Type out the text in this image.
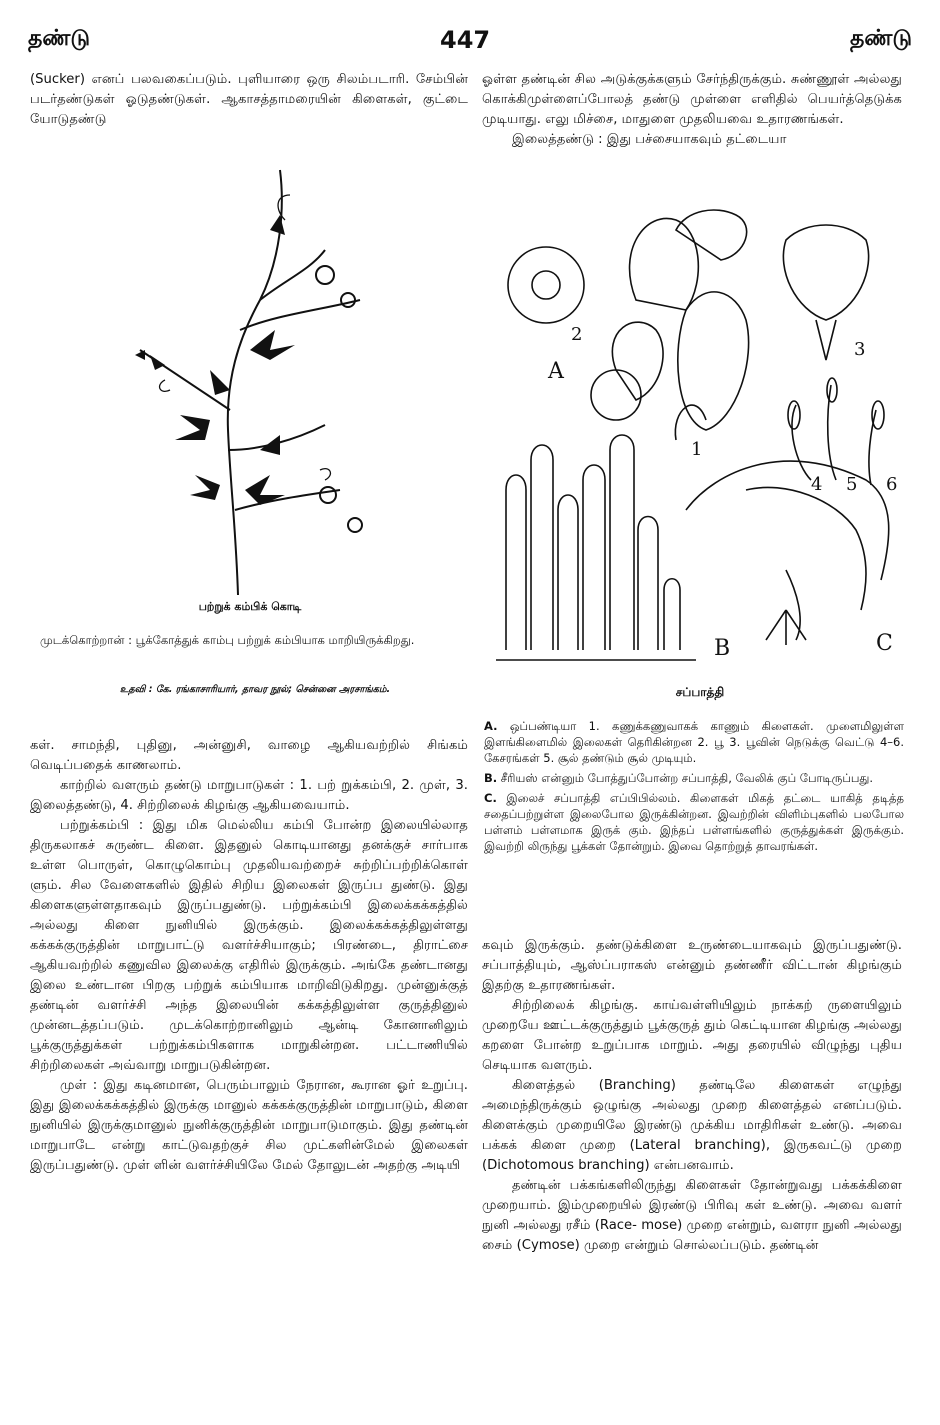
தண்டு	447	தண்டு

(Sucker) எனப் பலவகைப்படும். புளியாரை ஒரு சிலம்படாரி. சேம்பின் படர்தண்டுகள் ஓடுதண்டுகள். ஆகாசத்தாமரையின் கிளைகள், குட்டை யோடுதண்டு

பற்றுக் கம்பிக் கொடி
முடக்கொற்றான் : பூக்கோத்துக் காம்பு பற்றுக் கம்பியாக மாறியிருக்கிறது.
உதவி : கே. ரங்காசாரியார், தாவர நூல்; சென்னை அரசாங்கம்.

ஓள்ள தண்டின் சில அடுக்குக்களும் சேர்ந்திருக்கும். சுண்ணூள் அல்லது கொக்கிமுள்ளைப்போலத் தண்டு முள்ளை எளிதில் பெயர்த்தெடுக்க முடியாது. எலு மிச்சை, மாதுளை முதலியவை உதாரணங்கள்.

இலைத்தண்டு : இது பச்சையாகவும் தட்டையா

A
B	C
1
2
3
4 5 6
சப்பாத்தி

A. ஒப்பண்டியா 1. கணுக்கணுவாகக் காணும் கிளைகள். முளைமிலுள்ள இளங்கிளைமில் இலைகள் தெரிகின்றன 2. பூ 3. பூவின் நெடுக்கு வெட்டு 4–6. கேசரங்கள் 5. சூல் தண்டும் சூல் முடியும்.

B. சீரியஸ் என்னும் போத்துப்போன்ற சப்பாத்தி, வேலிக் குப் போடிருப்பது.

C. இலைச் சப்பாத்தி எப்பிபில்லம். கிளைகள் மிகத் தட்டை யாகித் தடித்த சதைப்பற்றுள்ள இலைபோல இருக்கின்றன. இவற்றின் விளிம்புகளில் பலபோல பள்ளம் பள்ளமாக இருக் கும். இந்தப் பள்ளங்களில் குருத்துக்கள் இருக்கும். இவற்றி லிருந்து பூக்கள் தோன்றும். இவை தொற்றுத் தாவரங்கள்.

கள். சாமந்தி, புதினு, அன்னுசி, வாழை ஆகியவற்றில் சிங்கம் வெடிப்பதைக் காணலாம்.

காற்றில் வளரும் தண்டு மாறுபாடுகள் : 1. பற் றுக்கம்பி, 2. முள், 3. இலைத்தண்டு, 4. சிற்றிலைக் கிழங்கு ஆகியவையாம்.

பற்றுக்கம்பி : இது மிக மெல்லிய கம்பி போன்ற இலையில்லாத திருகலாகச் சுருண்ட கிளை. இதனுல் கொடியானது தனக்குச் சார்பாக உள்ள பொருள், கொழுகொம்பு முதலியவற்றைச் சுற்றிப்பற்றிக்கொள் ளும். சில வேளைகளில் இதில் சிறிய இலைகள் இருப்ப துண்டு. இது கிளைகளுள்ளதாகவும் இருப்பதுண்டு. பற்றுக்கம்பி இலைக்கக்கத்தில் அல்லது கிளை நுனியில் இருக்கும். இலைக்கக்கத்திலுள்ளது கக்கக்குருத்தின் மாறுபாட்டு வளர்ச்சியாகும்; பிரண்டை, திராட்சை ஆகியவற்றில் கணுவில இலைக்கு எதிரில் இருக்கும். அங்கே தண்டானது இலை உண்டான பிறகு பற்றுக் கம்பியாக மாறிவிடுகிறது. முன்னுக்குத் தண்டின் வளர்ச்சி அந்த இலையின் கக்கத்திலுள்ள குருத்தினுல் முன்னடத்தப்படும். முடக்கொற்றானிலும் ஆன்டி கோனானிலும் பூக்குருத்துக்கள் பற்றுக்கம்பிகளாக மாறுகின்றன. பட்டாணியில் சிற்றிலைகள் அவ்வாறு மாறுபடுகின்றன.

முள் : இது கடினமான, பெரும்பாலும் நேரான, கூரான ஓர் உறுப்பு. இது இலைக்கக்கத்தில் இருக்கு மானுல் கக்கக்குருத்தின் மாறுபாடும், கிளை நுனியில் இருக்குமானுல் நுனிக்குருத்தின் மாறுபாடுமாகும். இது தண்டின் மாறுபாடே என்று காட்டுவதற்குச் சில முட்களின்மேல் இலைகள் இருப்பதுண்டு. முள் ளின் வளர்ச்சியிலே மேல் தோலுடன் அதற்கு அடியி

கவும் இருக்கும். தண்டுக்கிளை உருண்டையாகவும் இருப்பதுண்டு. சப்பாத்தியும், ஆஸ்ப்பராகஸ் என்னும் தண்ணீர் விட்டான் கிழங்கும் இதற்கு உதாரணங்கள்.

சிற்றிலைக் கிழங்கு. காய்வள்ளியிலும் நாக்கற் ருளையிலும் முறையே ஊட்டக்குருத்தும் பூக்குருத் தும் கெட்டியான கிழங்கு அல்லது கறளை போன்ற உறுப்பாக மாறும். அது தரையில் விழுந்து புதிய செடியாக வளரும்.

கிளைத்தல் (Branching) தண்டிலே கிளைகள் எழுந்து அமைந்திருக்கும் ஒழுங்கு அல்லது முறை கிளைத்தல் எனப்படும். கிளைக்கும் முறையிலே இரண்டு முக்கிய மாதிரிகள் உண்டு. அவை பக்கக் கிளை முறை (Lateral branching), இருகவட்டு முறை (Dichotomous branching) என்பனவாம்.

தண்டின் பக்கங்களிலிருந்து கிளைகள் தோன்றுவது பக்கக்கிளை முறையாம். இம்முறையில் இரண்டு பிரிவு கள் உண்டு. அவை வளர் நுனி அல்லது ரசீம் (Race- mose) முறை என்றும், வளரா நுனி அல்லது சைம் (Cymose) முறை என்றும் சொல்லப்படும். தண்டின்
